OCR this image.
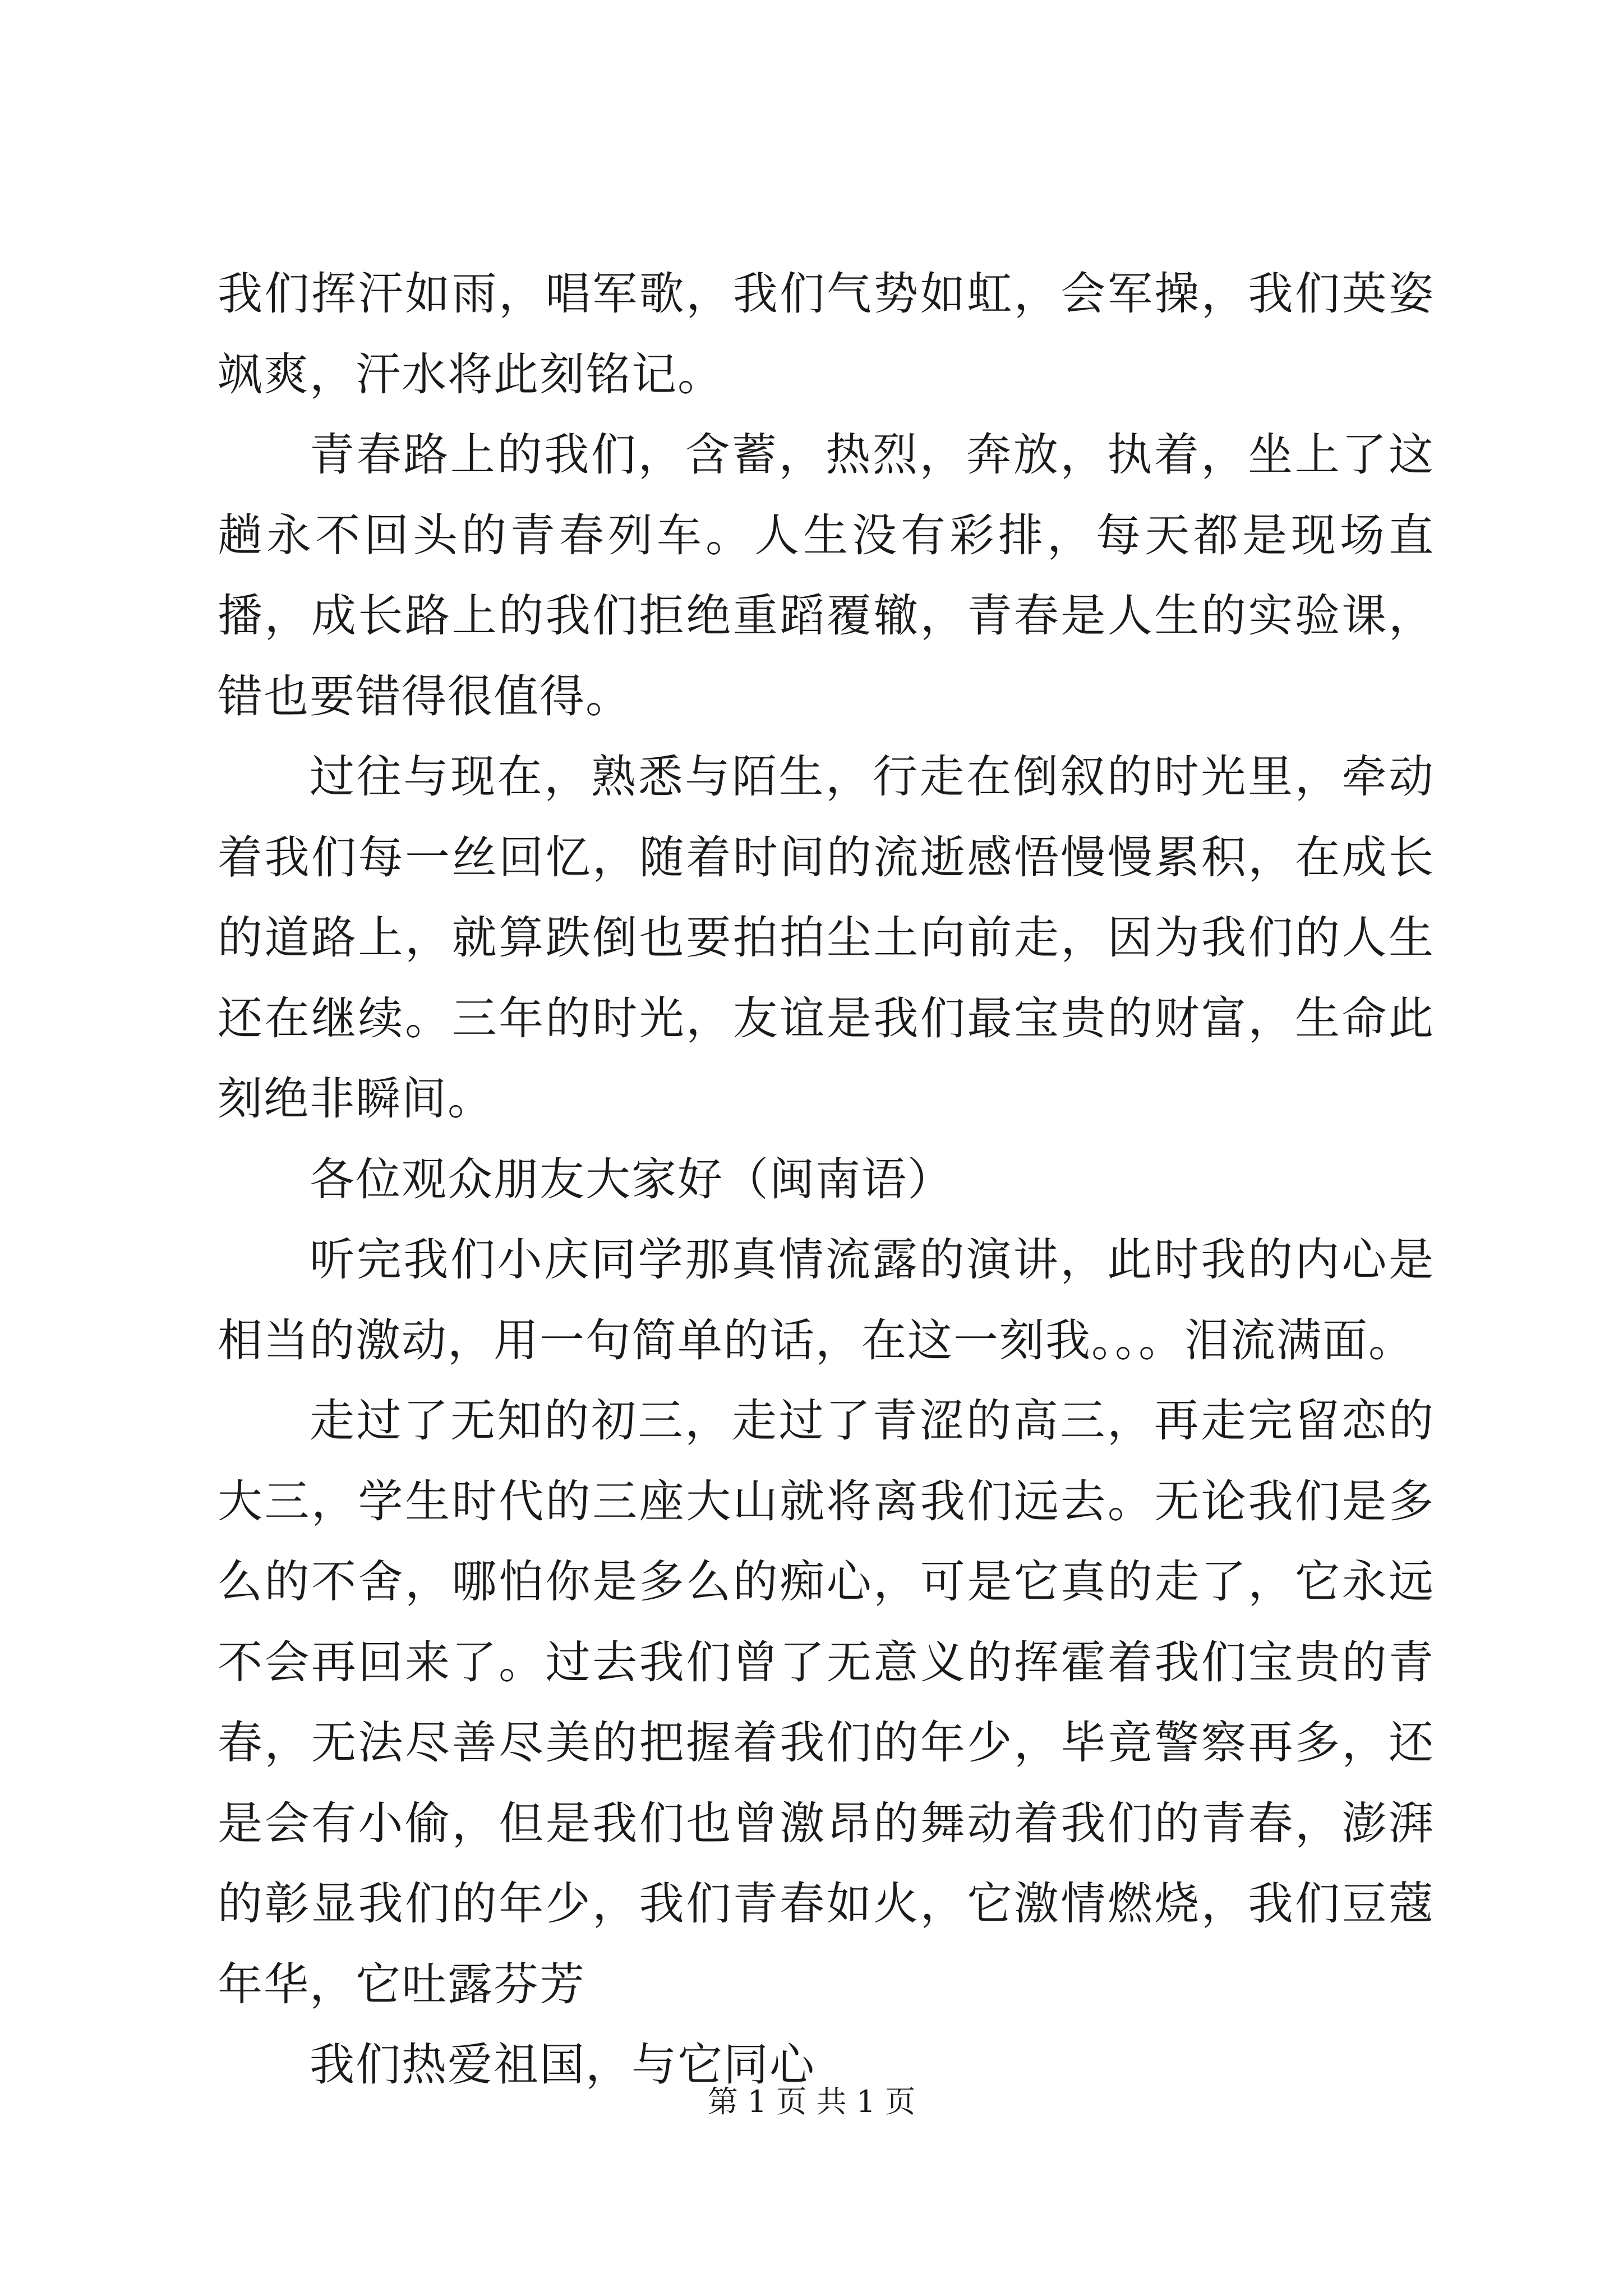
我们挥汗如雨，唱军歌，我们气势如虹，会军操，我们英姿飒爽，汗水将此刻铭记。

青春路上的我们，含蓄，热烈，奔放，执着，坐上了这趟永不回头的青春列车。人生没有彩排，每天都是现场直播，成长路上的我们拒绝重蹈覆辙，青春是人生的实验课，错也要错得很值得。

过往与现在，熟悉与陌生，行走在倒叙的时光里，牵动着我们每一丝回忆，随着时间的流逝感悟慢慢累积，在成长的道路上，就算跌倒也要拍拍尘土向前走，因为我们的人生还在继续。三年的时光，友谊是我们最宝贵的财富，生命此刻绝非瞬间。

各位观众朋友大家好（闽南语）

听完我们小庆同学那真情流露的演讲，此时我的内心是相当的激动，用一句简单的话，在这一刻我。。。泪流满面。

走过了无知的初三，走过了青涩的高三，再走完留恋的大三，学生时代的三座大山就将离我们远去。无论我们是多么的不舍，哪怕你是多么的痴心，可是它真的走了，它永远不会再回来了。过去我们曾了无意义的挥霍着我们宝贵的青春，无法尽善尽美的把握着我们的年少，毕竟警察再多，还是会有小偷，但是我们也曾激昂的舞动着我们的青春，澎湃的彰显我们的年少，我们青春如火，它激情燃烧，我们豆蔻年华，它吐露芬芳

我们热爱祖国，与它同心

第 1 页 共 1 页
